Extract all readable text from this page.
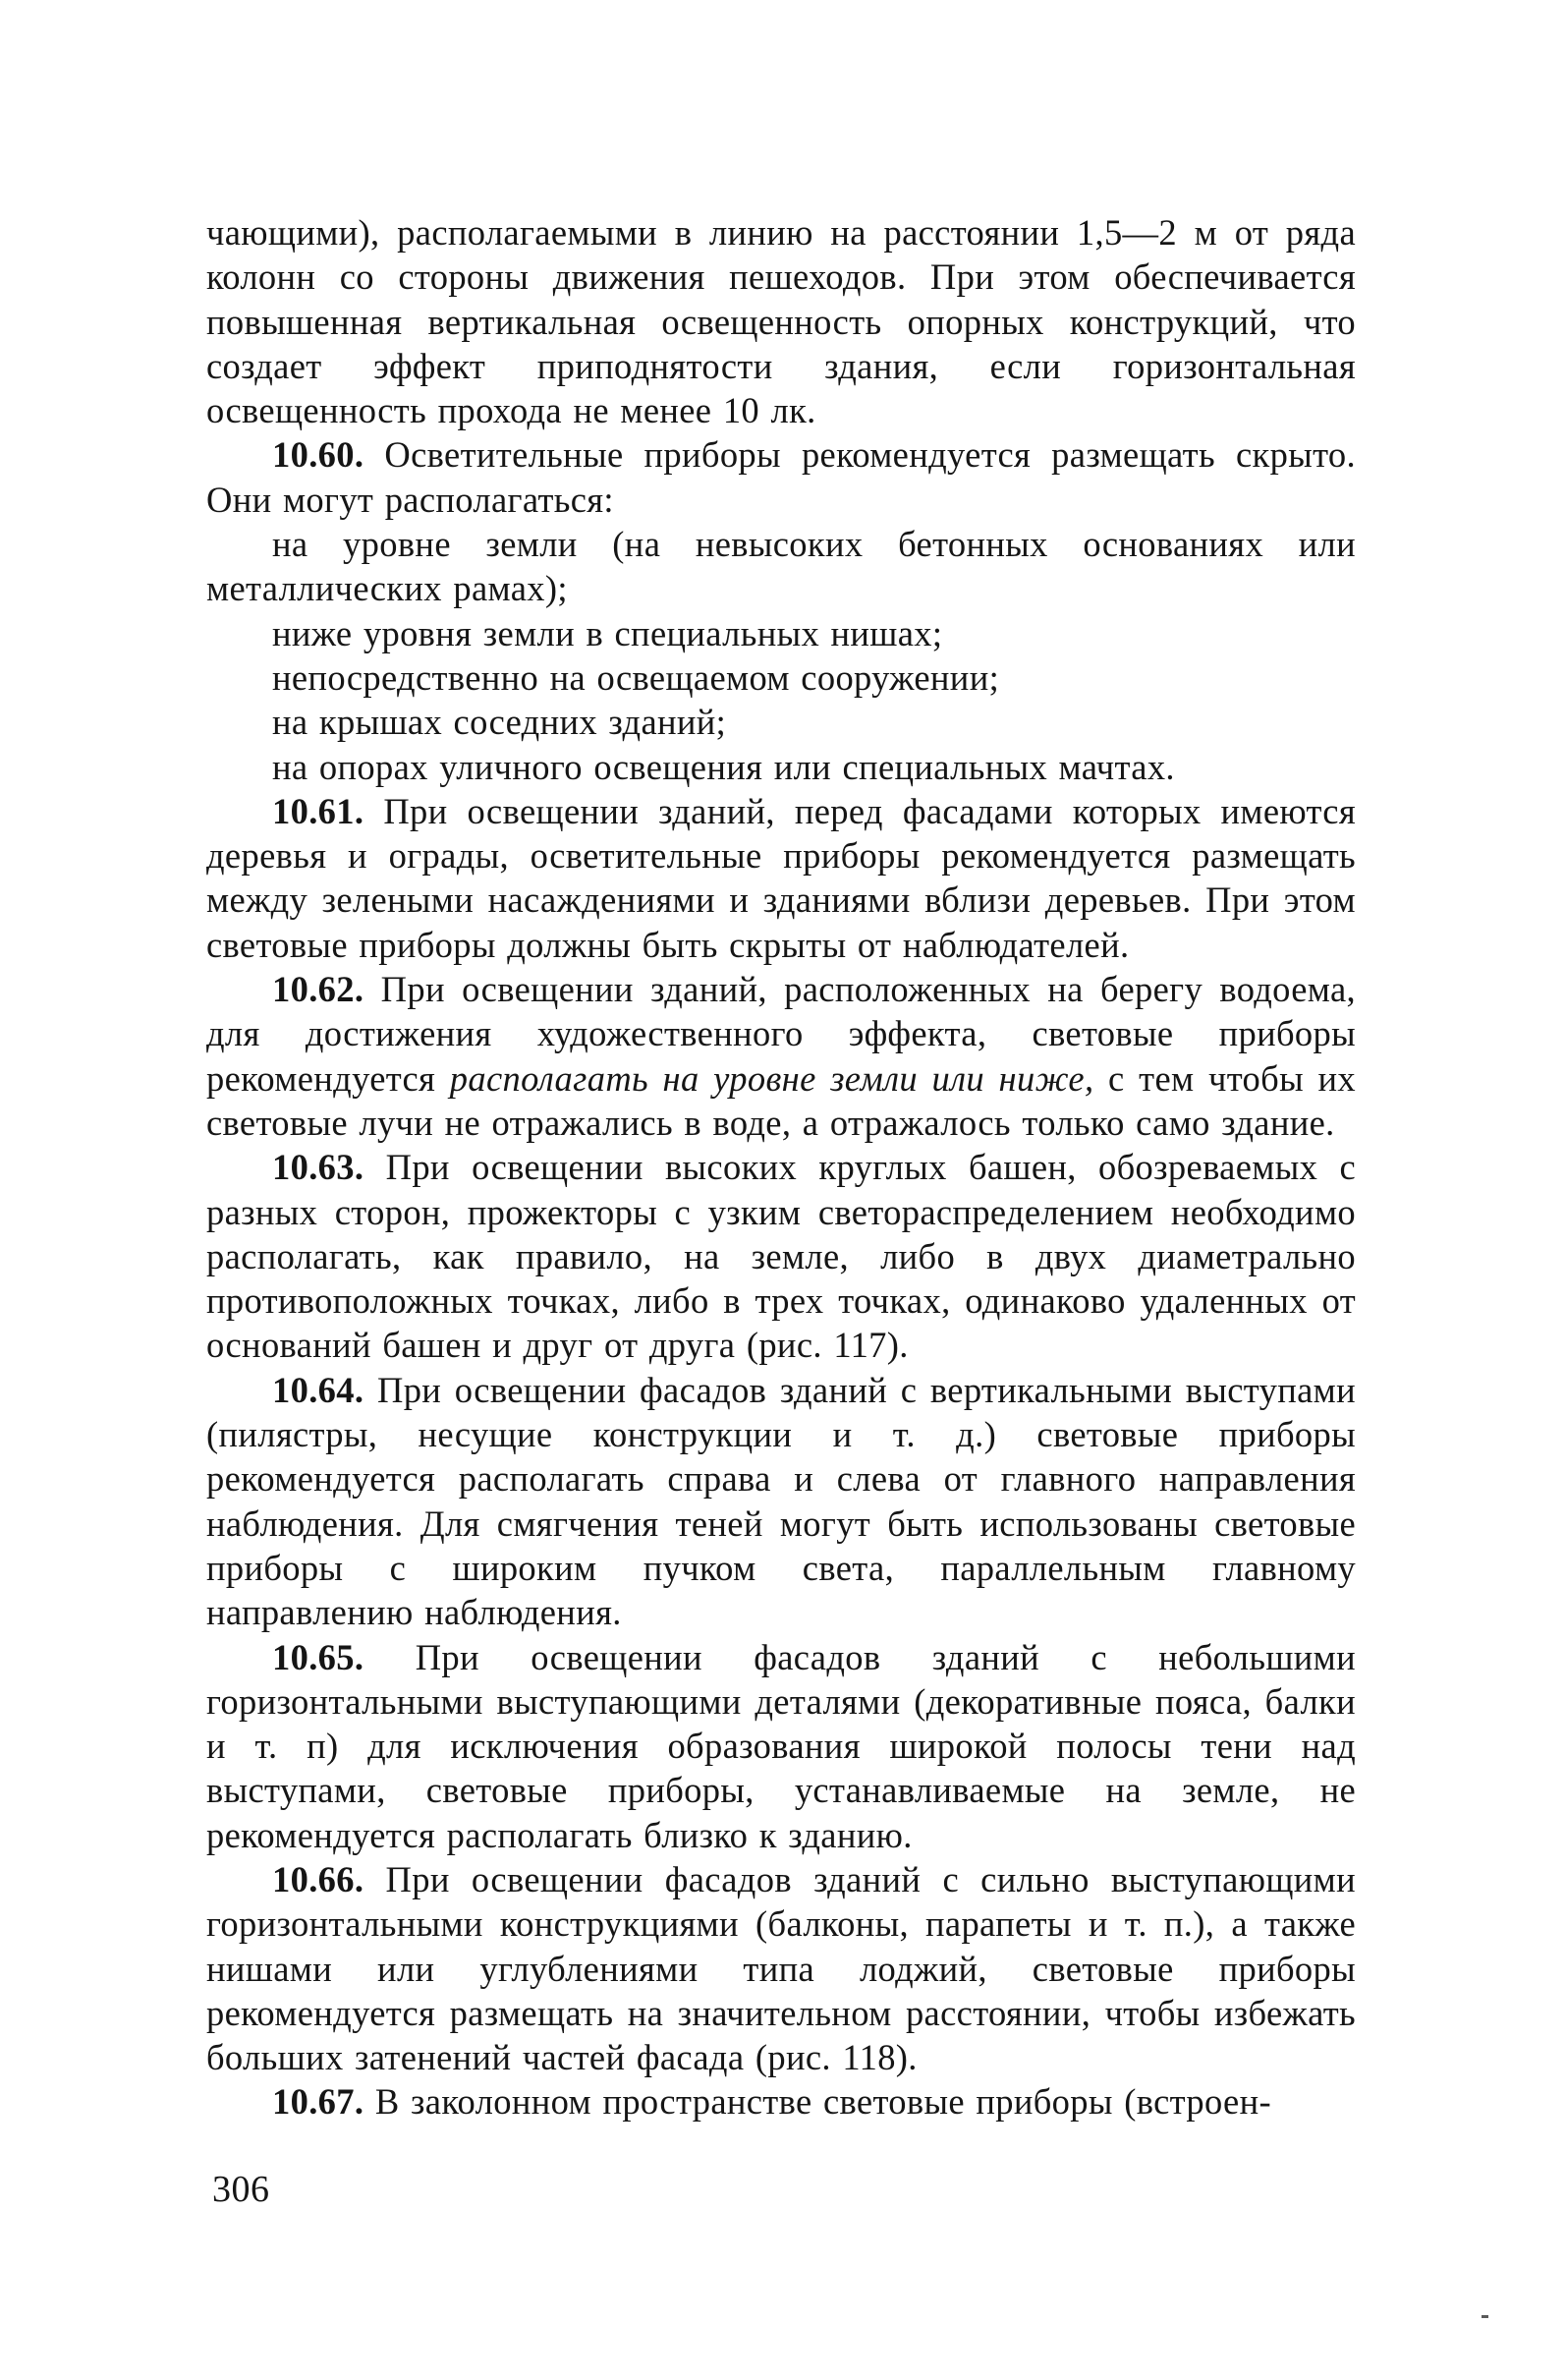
чающими), располагаемыми в линию на расстоянии 1,5—2 м от ряда колонн со стороны движения пешеходов. При этом обеспечивается повышенная вертикальная освещенность опорных конструкций, что создает эффект приподнятости здания, если горизонтальная освещенность прохода не менее 10 лк.

10.60. Осветительные приборы рекомендуется размещать скрыто. Они могут располагаться:

на уровне земли (на невысоких бетонных основаниях или металлических рамах);

ниже уровня земли в специальных нишах;

непосредственно на освещаемом сооружении;

на крышах соседних зданий;

на опорах уличного освещения или специальных мачтах.

10.61. При освещении зданий, перед фасадами которых имеются деревья и ограды, осветительные приборы рекомендуется размещать между зелеными насаждениями и зданиями вблизи деревьев. При этом световые приборы должны быть скрыты от наблюдателей.

10.62. При освещении зданий, расположенных на берегу водоема, для достижения художественного эффекта, световые приборы рекомендуется располагать на уровне земли или ниже, с тем чтобы их световые лучи не отражались в воде, а отражалось только само здание.

10.63. При освещении высоких круглых башен, обозреваемых с разных сторон, прожекторы с узким светораспределением необходимо располагать, как правило, на земле, либо в двух диаметрально противоположных точках, либо в трех точках, одинаково удаленных от оснований башен и друг от друга (рис. 117).

10.64. При освещении фасадов зданий с вертикальными выступами (пилястры, несущие конструкции и т. д.) световые приборы рекомендуется располагать справа и слева от главного направления наблюдения. Для смягчения теней могут быть использованы световые приборы с широким пучком света, параллельным главному направлению наблюдения.

10.65. При освещении фасадов зданий с небольшими горизонтальными выступающими деталями (декоративные пояса, балки и т. п) для исключения образования широкой полосы тени над выступами, световые приборы, устанавливаемые на земле, не рекомендуется располагать близко к зданию.

10.66. При освещении фасадов зданий с сильно выступающими горизонтальными конструкциями (балконы, парапеты и т. п.), а также нишами или углублениями типа лоджий, световые приборы рекомендуется размещать на значительном расстоянии, чтобы избежать больших затенений частей фасада (рис. 118).

10.67. В заколонном пространстве световые приборы (встроен-

306
